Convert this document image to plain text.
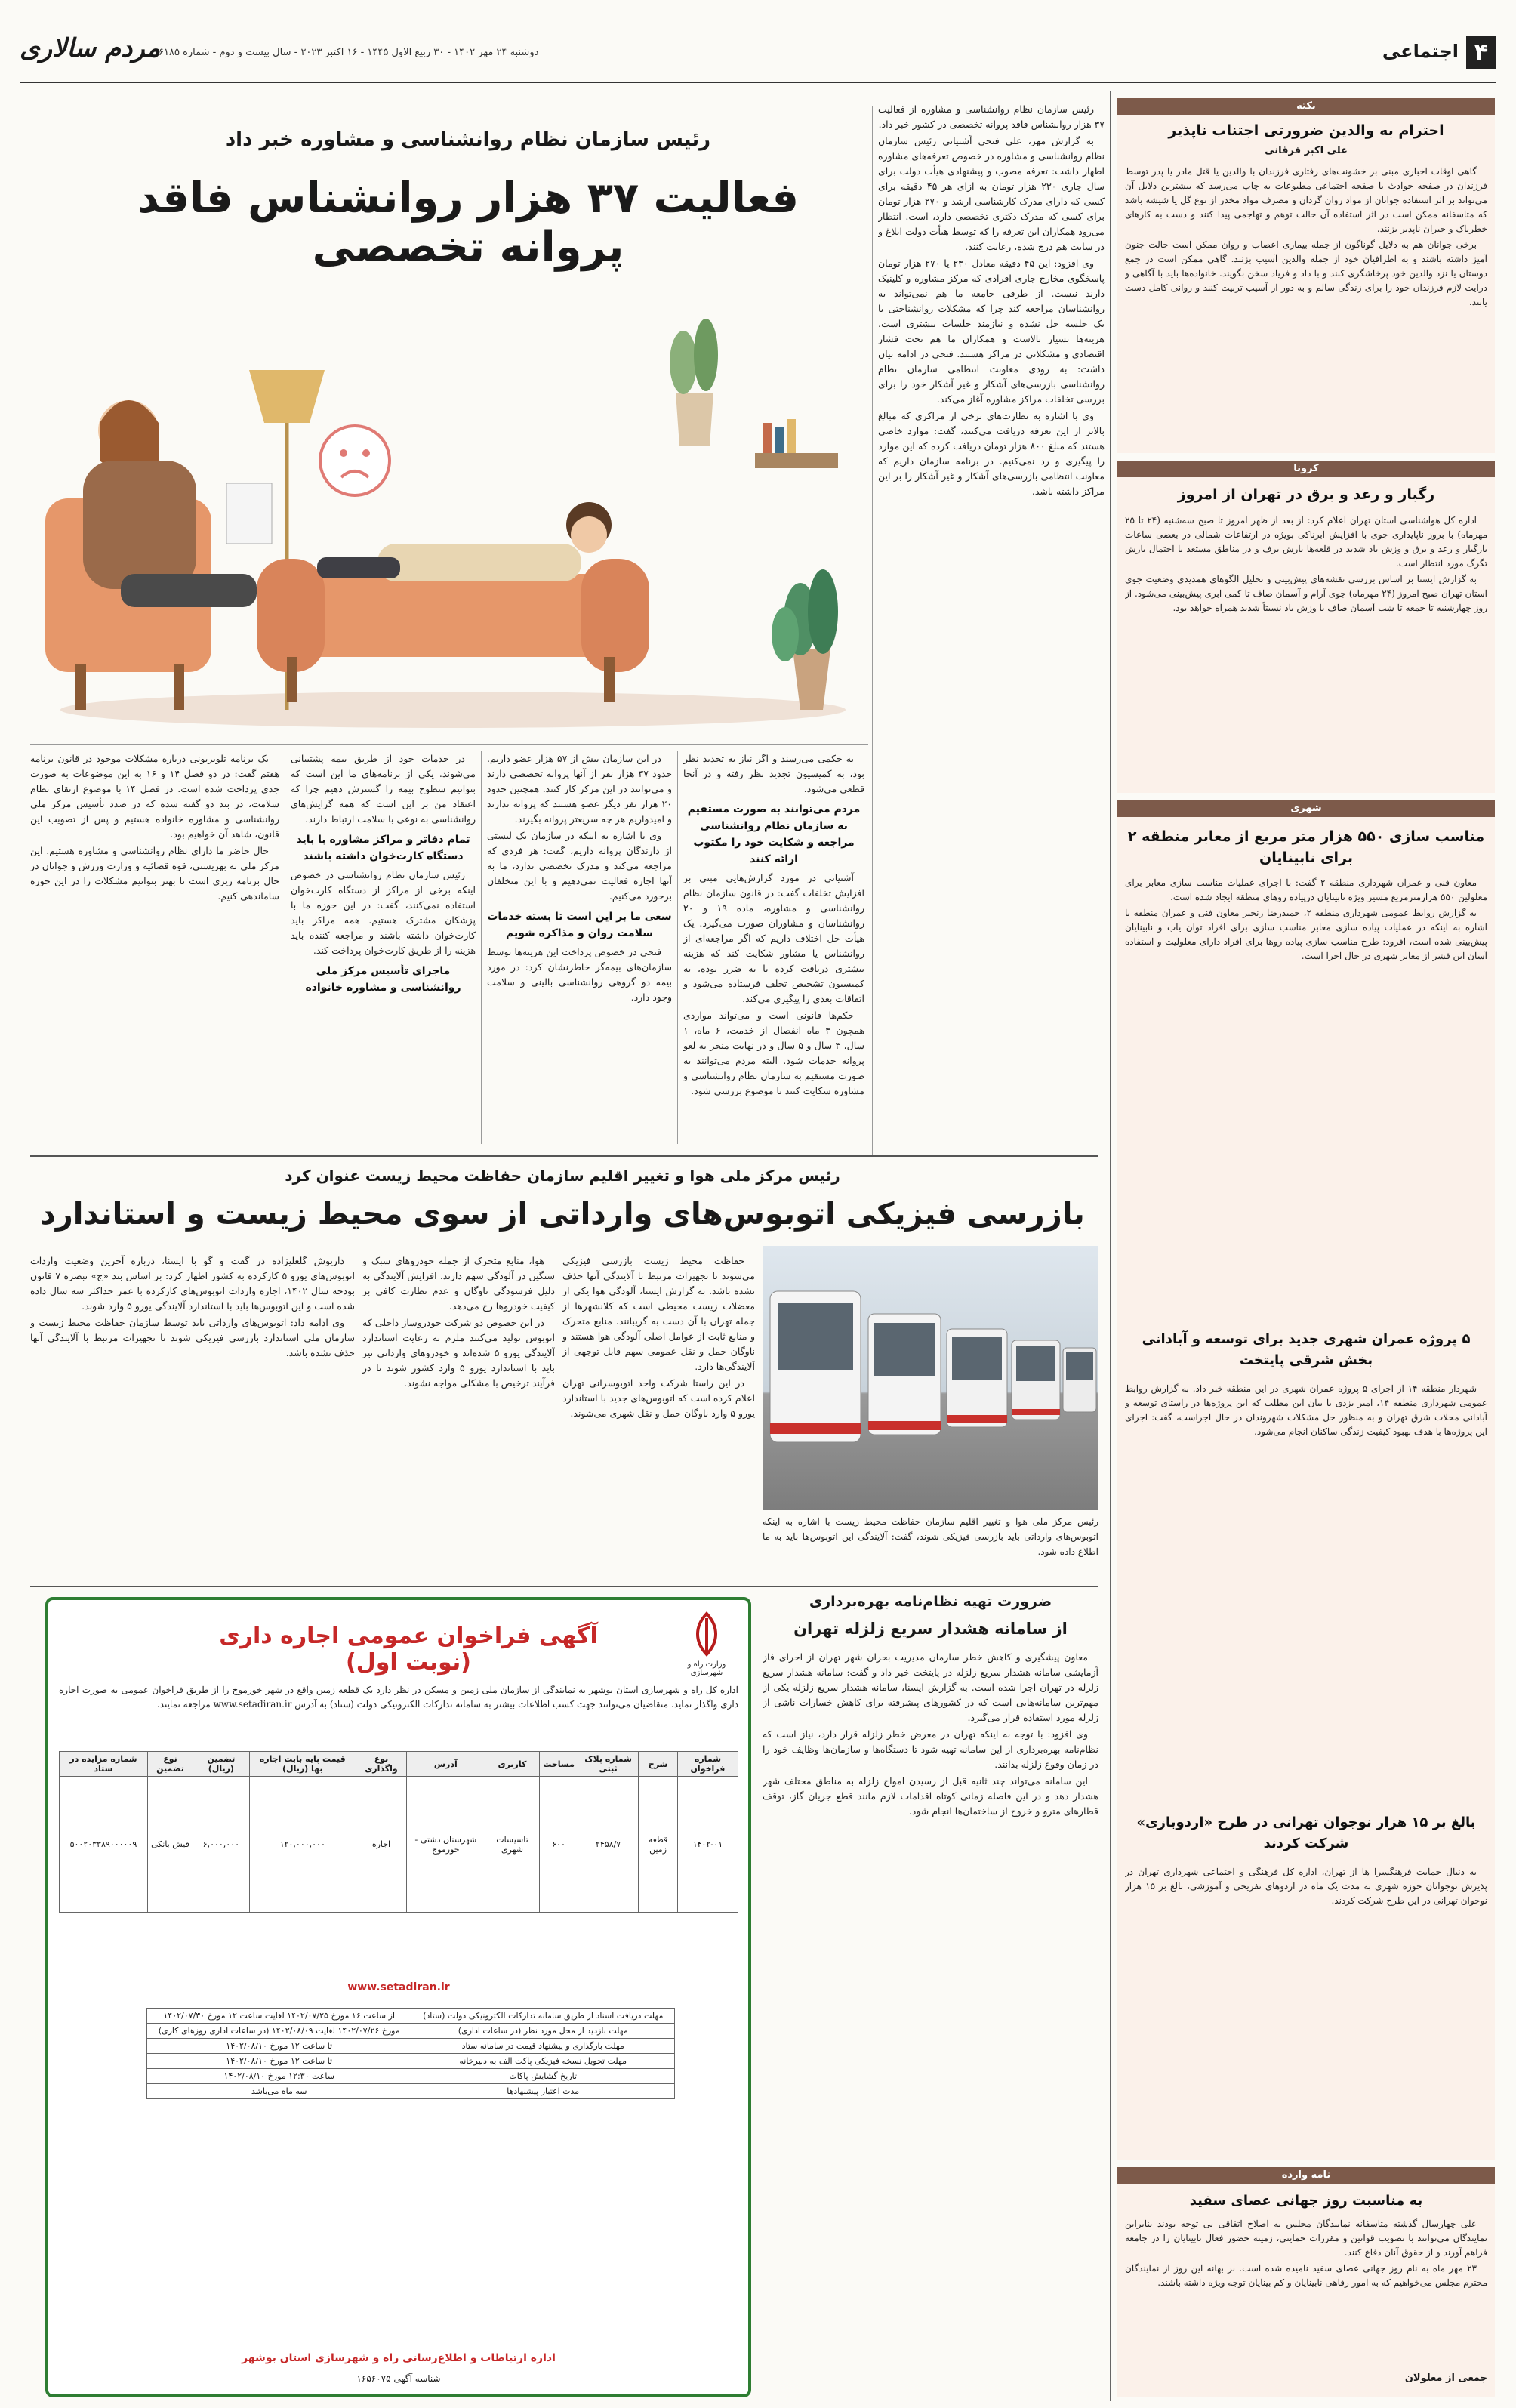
۴
اجتماعی
مردم سالاری
دوشنبه ۲۴ مهر ۱۴۰۲ - ۳۰ ربیع الاول ۱۴۴۵ - ۱۶ اکتبر ۲۰۲۳ - سال بیست و دوم - شماره ۶۱۸۵
رئیس سازمان نظام روانشناسی و مشاوره خبر داد
فعالیت ۳۷ هزار روانشناس فاقد پروانه تخصصی

رئیس سازمان نظام روانشناسی و مشاوره از فعالیت ۳۷ هزار روانشناس فاقد پروانه تخصصی در کشور خبر داد.

به گزارش مهر، علی فتحی آشتیانی رئیس سازمان نظام روانشناسی و مشاوره در خصوص تعرفه‌های مشاوره اظهار داشت: تعرفه مصوب و پیشنهادی هیأت دولت برای سال جاری ۲۳۰ هزار تومان به ازای هر ۴۵ دقیقه برای کسی که دارای مدرک کارشناسی ارشد و ۲۷۰ هزار تومان برای کسی که مدرک دکتری تخصصی دارد، است. انتظار می‌رود همکاران این تعرفه را که توسط هیأت دولت ابلاغ و در سایت هم درج شده، رعایت کنند.

وی افزود: این ۴۵ دقیقه معادل ۲۳۰ یا ۲۷۰ هزار تومان پاسخگوی مخارج جاری افرادی که مرکز مشاوره و کلینیک دارند نیست. از طرفی جامعه ما هم نمی‌تواند به روانشناسان مراجعه کند چرا که مشکلات روانشناختی یا یک جلسه حل نشده و نیازمند جلسات بیشتری است. هزینه‌ها بسیار بالاست و همکاران ما هم تحت فشار اقتصادی و مشکلاتی در مراکز هستند. فتحی در ادامه بیان داشت: به زودی معاونت انتظامی سازمان نظام روانشناسی بازرسی‌های آشکار و غیر آشکار خود را برای بررسی تخلفات مراکز مشاوره آغاز می‌کند.

وی با اشاره به نظارت‌های برخی از مراکزی که مبالغ بالاتر از این تعرفه دریافت می‌کنند، گفت: موارد خاصی هستند که مبلغ ۸۰۰ هزار تومان دریافت کرده که این موارد را پیگیری و رد نمی‌کنیم. در برنامه سازمان داریم که معاونت انتظامی بازرسی‌های آشکار و غیر آشکار را بر این مراکز داشته باشد.

به حکمی می‌رسند و اگر نیاز به تجدید نظر بود، به کمیسیون تجدید نظر رفته و در آنجا قطعی می‌شود.

مردم می‌توانند به صورت مستقیم به سازمان نظام روانشناسی مراجعه و شکایت خود را مکتوب ارائه کنند

آشتیانی در مورد گزارش‌هایی مبنی بر افزایش تخلفات گفت: در قانون سازمان نظام روانشناسی و مشاوره، ماده ۱۹ و ۲۰ روانشناسان و مشاوران صورت می‌گیرد. یک هیأت حل اختلاف داریم که اگر مراجعه‌ای از روانشناس یا مشاور شکایت کند که هزینه بیشتری دریافت کرده یا به ضرر بوده، به کمیسیون تشخیص تخلف فرستاده می‌شود و اتفاقات بعدی را پیگیری می‌کند.

حکم‌ها قانونی است و می‌تواند مواردی همچون ۳ ماه انفصال از خدمت، ۶ ماه، ۱ سال، ۳ سال و ۵ سال و در نهایت منجر به لغو پروانه خدمات شود. البته مردم می‌توانند به صورت مستقیم به سازمان نظام روانشناسی و مشاوره شکایت کنند تا موضوع بررسی شود.

در این سازمان بیش از ۵۷ هزار عضو داریم. حدود ۳۷ هزار نفر از آنها پروانه تخصصی دارند و می‌توانند در این مرکز کار کنند. همچنین حدود ۲۰ هزار نفر دیگر عضو هستند که پروانه ندارند و امیدواریم هر چه سریعتر پروانه بگیرند.

وی با اشاره به اینکه در سازمان یک لیستی از دارندگان پروانه داریم، گفت: هر فردی که مراجعه می‌کند و مدرک تخصصی ندارد، ما به آنها اجازه فعالیت نمی‌دهیم و با این متخلفان برخورد می‌کنیم.

سعی ما بر این است تا بسته خدمات سلامت روان و مذاکره شویم

فتحی در خصوص پرداخت این هزینه‌ها توسط سازمان‌های بیمه‌گر خاطرنشان کرد: در مورد بیمه دو گروهی روانشناسی بالینی و سلامت وجود دارد.

در خدمات خود از طریق بیمه پشتیبانی می‌شوند. یکی از برنامه‌های ما این است که بتوانیم سطوح بیمه را گسترش دهیم چرا که اعتقاد من بر این است که همه گرایش‌های روانشناسی به نوعی با سلامت ارتباط دارند.

تمام دفاتر و مراکز مشاوره با باید دستگاه کارت‌خوان داشته باشند

رئیس سازمان نظام روانشناسی در خصوص اینکه برخی از مراکز از دستگاه کارت‌خوان استفاده نمی‌کنند، گفت: در این حوزه ما با پزشکان مشترک هستیم. همه مراکز باید کارت‌خوان داشته باشند و مراجعه کننده باید هزینه را از طریق کارت‌خوان پرداخت کند.

ماجرای تأسیس مرکز ملی روانشناسی و مشاوره خانواده

یک برنامه تلویزیونی درباره مشکلات موجود در قانون برنامه هفتم گفت: در دو فصل ۱۴ و ۱۶ به این موضوعات به صورت جدی پرداخت شده است. در فصل ۱۴ با موضوع ارتقای نظام سلامت، در بند دو گفته شده که در صدد تأسیس مرکز ملی روانشناسی و مشاوره خانواده هستیم و پس از تصویب این قانون، شاهد آن خواهیم بود.

حال حاضر ما دارای نظام روانشناسی و مشاوره هستیم. این مرکز ملی به بهزیستی، قوه قضائیه و وزارت ورزش و جوانان در حال برنامه ریزی است تا بهتر بتوانیم مشکلات را در این حوزه ساماندهی کنیم.

رئیس مرکز ملی هوا و تغییر اقلیم سازمان حفاظت محیط زیست عنوان کرد
بازرسی فیزیکی اتوبوس‌های وارداتی از سوی محیط زیست و استاندارد
رئیس مرکز ملی هوا و تغییر اقلیم سازمان حفاظت محیط زیست با اشاره به اینکه اتوبوس‌های وارداتی باید بازرسی فیزیکی شوند، گفت: آلایندگی این اتوبوس‌ها باید به ما اطلاع داده شود.

حفاظت محیط زیست بازرسی فیزیکی می‌شوند تا تجهیزات مرتبط با آلایندگی آنها حذف نشده باشد. به گزارش ایسنا، آلودگی هوا یکی از معضلات زیست محیطی است که کلانشهرها از جمله تهران با آن دست به گریبانند. منابع متحرک و منابع ثابت از عوامل اصلی آلودگی هوا هستند و ناوگان حمل و نقل عمومی سهم قابل توجهی از آلایندگی‌ها دارد.

در این راستا شرکت واحد اتوبوسرانی تهران اعلام کرده است که اتوبوس‌های جدید با استاندارد یورو ۵ وارد ناوگان حمل و نقل شهری می‌شوند.

هوا، منابع متحرک از جمله خودروهای سبک و سنگین در آلودگی سهم دارند. افزایش آلایندگی به دلیل فرسودگی ناوگان و عدم نظارت کافی بر کیفیت خودروها رخ می‌دهد.

در این خصوص دو شرکت خودروساز داخلی که اتوبوس تولید می‌کنند ملزم به رعایت استاندارد آلایندگی یورو ۵ شده‌اند و خودروهای وارداتی نیز باید با استاندارد یورو ۵ وارد کشور شوند تا در فرآیند ترخیص با مشکلی مواجه نشوند.

داریوش گلعلیزاده در گفت و گو با ایسنا، درباره آخرین وضعیت واردات اتوبوس‌های یورو ۵ کارکرده به کشور اظهار کرد: بر اساس بند «ج» تبصره ۷ قانون بودجه سال ۱۴۰۲، اجازه واردات اتوبوس‌های کارکرده با عمر حداکثر سه سال داده شده است و این اتوبوس‌ها باید با استاندارد آلایندگی یورو ۵ وارد شوند.

وی ادامه داد: اتوبوس‌های وارداتی باید توسط سازمان حفاظت محیط زیست و سازمان ملی استاندارد بازرسی فیزیکی شوند تا تجهیزات مرتبط با آلایندگی آنها حذف نشده باشد.

ضرورت تهیه نظام‌نامه بهره‌برداری
از سامانه هشدار سریع زلزله تهران

معاون پیشگیری و کاهش خطر سازمان مدیریت بحران شهر تهران از اجرای فاز آزمایشی سامانه هشدار سریع زلزله در پایتخت خبر داد و گفت: سامانه هشدار سریع زلزله در تهران اجرا شده است. به گزارش ایسنا، سامانه هشدار سریع زلزله یکی از مهم‌ترین سامانه‌هایی است که در کشورهای پیشرفته برای کاهش خسارات ناشی از زلزله مورد استفاده قرار می‌گیرد.

وی افزود: با توجه به اینکه تهران در معرض خطر زلزله قرار دارد، نیاز است که نظام‌نامه بهره‌برداری از این سامانه تهیه شود تا دستگاه‌ها و سازمان‌ها وظایف خود را در زمان وقوع زلزله بدانند.

این سامانه می‌تواند چند ثانیه قبل از رسیدن امواج زلزله به مناطق مختلف شهر هشدار دهد و در این فاصله زمانی کوتاه اقدامات لازم مانند قطع جریان گاز، توقف قطارهای مترو و خروج از ساختمان‌ها انجام شود.

وزارت راه و شهرسازی
آگهی فراخوان عمومی اجاره داری (نوبت اول)
اداره کل راه و شهرسازی استان بوشهر به نمایندگی از سازمان ملی زمین و مسکن در نظر دارد یک قطعه زمین واقع در شهر خورموج را از طریق فراخوان عمومی به صورت اجاره داری واگذار نماید. متقاضیان می‌توانند جهت کسب اطلاعات بیشتر به سامانه تدارکات الکترونیکی دولت (ستاد) به آدرس www.setadiran.ir مراجعه نمایند.
شماره فراخوان	شرح	شماره پلاک ثبتی	مساحت	کاربری	آدرس	نوع واگذاری	قیمت پایه بابت اجاره بها (ریال)	تضمین (ریال)	نوع تضمین	شماره مزایده در ستاد
۱۴۰۲-۰۱	قطعه زمین	۲۴۵۸/۷	۶۰۰	تاسیسات شهری	شهرستان دشتی - خورموج	اجاره	۱۲۰,۰۰۰,۰۰۰	۶,۰۰۰,۰۰۰	فیش بانکی	۵۰۰۲۰۳۳۸۹۰۰۰۰۰۹
www.setadiran.ir
مهلت دریافت اسناد از طریق سامانه تدارکات الکترونیکی دولت (ستاد)	از ساعت ۱۶ مورخ ۱۴۰۲/۰۷/۲۵ لغایت ساعت ۱۲ مورخ ۱۴۰۲/۰۷/۳۰
مهلت بازدید از محل مورد نظر (در ساعات اداری)	مورخ ۱۴۰۲/۰۷/۲۶ لغایت ۱۴۰۲/۰۸/۰۹ (در ساعات اداری روزهای کاری)
مهلت بارگذاری و پیشنهاد قیمت در سامانه ستاد	تا ساعت ۱۲ مورخ ۱۴۰۲/۰۸/۱۰
مهلت تحویل نسخه فیزیکی پاکت الف به دبیرخانه	تا ساعت ۱۲ مورخ ۱۴۰۲/۰۸/۱۰
تاریخ گشایش پاکات	ساعت ۱۲:۳۰ مورخ ۱۴۰۲/۰۸/۱۰
مدت اعتبار پیشنهادها	سه ماه می‌باشد
اداره ارتباطات و اطلاع‌رسانی راه و شهرسازی استان بوشهر
شناسه آگهی ۱۶۵۶۰۷۵
نکته
احترام به والدین ضرورتی اجتناب ناپذیر
علی اکبر فرقانی

گاهی اوقات اخباری مبنی بر خشونت‌های رفتاری فرزندان با والدین یا قتل مادر یا پدر توسط فرزندان در صفحه حوادث یا صفحه اجتماعی مطبوعات به چاپ می‌رسد که بیشترین دلایل آن می‌تواند بر اثر استفاده جوانان از مواد روان گردان و مصرف مواد مخدر از نوع گل یا شیشه باشد که متاسفانه ممکن است در اثر استفاده آن حالت توهم و تهاجمی پیدا کنند و دست به کارهای خطرناک و جبران ناپذیر بزنند.

برخی جوانان هم به دلایل گوناگون از جمله بیماری اعصاب و روان ممکن است حالت جنون آمیز داشته باشند و به اطرافیان خود از جمله والدین آسیب بزنند. گاهی ممکن است در جمع دوستان یا نزد والدین خود پرخاشگری کنند و با داد و فریاد سخن بگویند. خانواده‌ها باید با آگاهی و درایت لازم فرزندان خود را برای زندگی سالم و به دور از آسیب تربیت کنند و روانی کامل دست یابند.

کرونا
رگبار و رعد و برق در تهران از امروز

اداره کل هواشناسی استان تهران اعلام کرد: از بعد از ظهر امروز تا صبح سه‌شنبه (۲۴ تا ۲۵ مهرماه) با بروز ناپایداری جوی با افزایش ابرناکی بویژه در ارتفاعات شمالی در بعضی ساعات بارگبار و رعد و برق و وزش باد شدید در قلعه‌ها بارش برف و در مناطق مستعد با احتمال بارش تگرگ مورد انتظار است.

به گزارش ایسنا بر اساس بررسی نقشه‌های پیش‌بینی و تحلیل الگوهای همدیدی وضعیت جوی استان تهران صبح امروز (۲۴ مهرماه) جوی آرام و آسمان صاف تا کمی ابری پیش‌بینی می‌شود. از روز چهارشنبه تا جمعه تا شب آسمان صاف با وزش باد نسبتاً شدید همراه خواهد بود.

شهری
مناسب سازی ۵۵۰ هزار متر مربع از معابر منطقه ۲ برای نابینایان

معاون فنی و عمران شهرداری منطقه ۲ گفت: با اجرای عملیات مناسب سازی معابر برای معلولین ۵۵۰ هزارمترمربع مسیر ویژه نابینایان درپیاده روهای منطقه ایجاد شده است.

به گزارش روابط عمومی شهرداری منطقه ۲، حمیدرضا رنجبر معاون فنی و عمران منطقه با اشاره به اینکه در عملیات پیاده سازی معابر مناسب سازی برای افراد توان یاب و نابینایان پیش‌بینی شده است، افزود: طرح مناسب سازی پیاده روها برای افراد دارای معلولیت و استفاده آسان این قشر از معابر شهری در حال اجرا است.

۵ پروژه عمران شهری جدید برای توسعه و آبادانی بخش شرقی پایتخت

شهردار منطقه ۱۴ از اجرای ۵ پروژه عمران شهری در این منطقه خبر داد. به گزارش روابط عمومی شهرداری منطقه ۱۴، امیر یزدی با بیان این مطلب که این پروژه‌ها در راستای توسعه و آبادانی محلات شرق تهران و به منظور حل مشکلات شهروندان در حال اجراست، گفت: اجرای این پروژه‌ها با هدف بهبود کیفیت زندگی ساکنان انجام می‌شود.

بالغ بر ۱۵ هزار نوجوان تهرانی در طرح «اردوبازی» شرکت کردند

به دنبال حمایت فرهنگسرا ها از تهران، اداره کل فرهنگی و اجتماعی شهرداری تهران در پذیرش نوجوانان حوزه شهری به مدت یک ماه در اردوهای تفریحی و آموزشی، بالغ بر ۱۵ هزار نوجوان تهرانی در این طرح شرکت کردند.

نامه وارده
به مناسبت روز جهانی عصای سفید

علی چهارسال گذشته متاسفانه نمایندگان مجلس به اصلاح اتفاقی بی توجه بودند بنابراین نمایندگان می‌توانند با تصویب قوانین و مقررات حمایتی، زمینه حضور فعال نابینایان را در جامعه فراهم آورند و از حقوق آنان دفاع کنند.

۲۳ مهر ماه به نام روز جهانی عصای سفید نامیده شده است. بر بهانه این روز از نمایندگان محترم مجلس می‌خواهیم که به امور رفاهی نابینایان و کم بینایان توجه ویژه داشته باشند.

جمعی از معلولان
